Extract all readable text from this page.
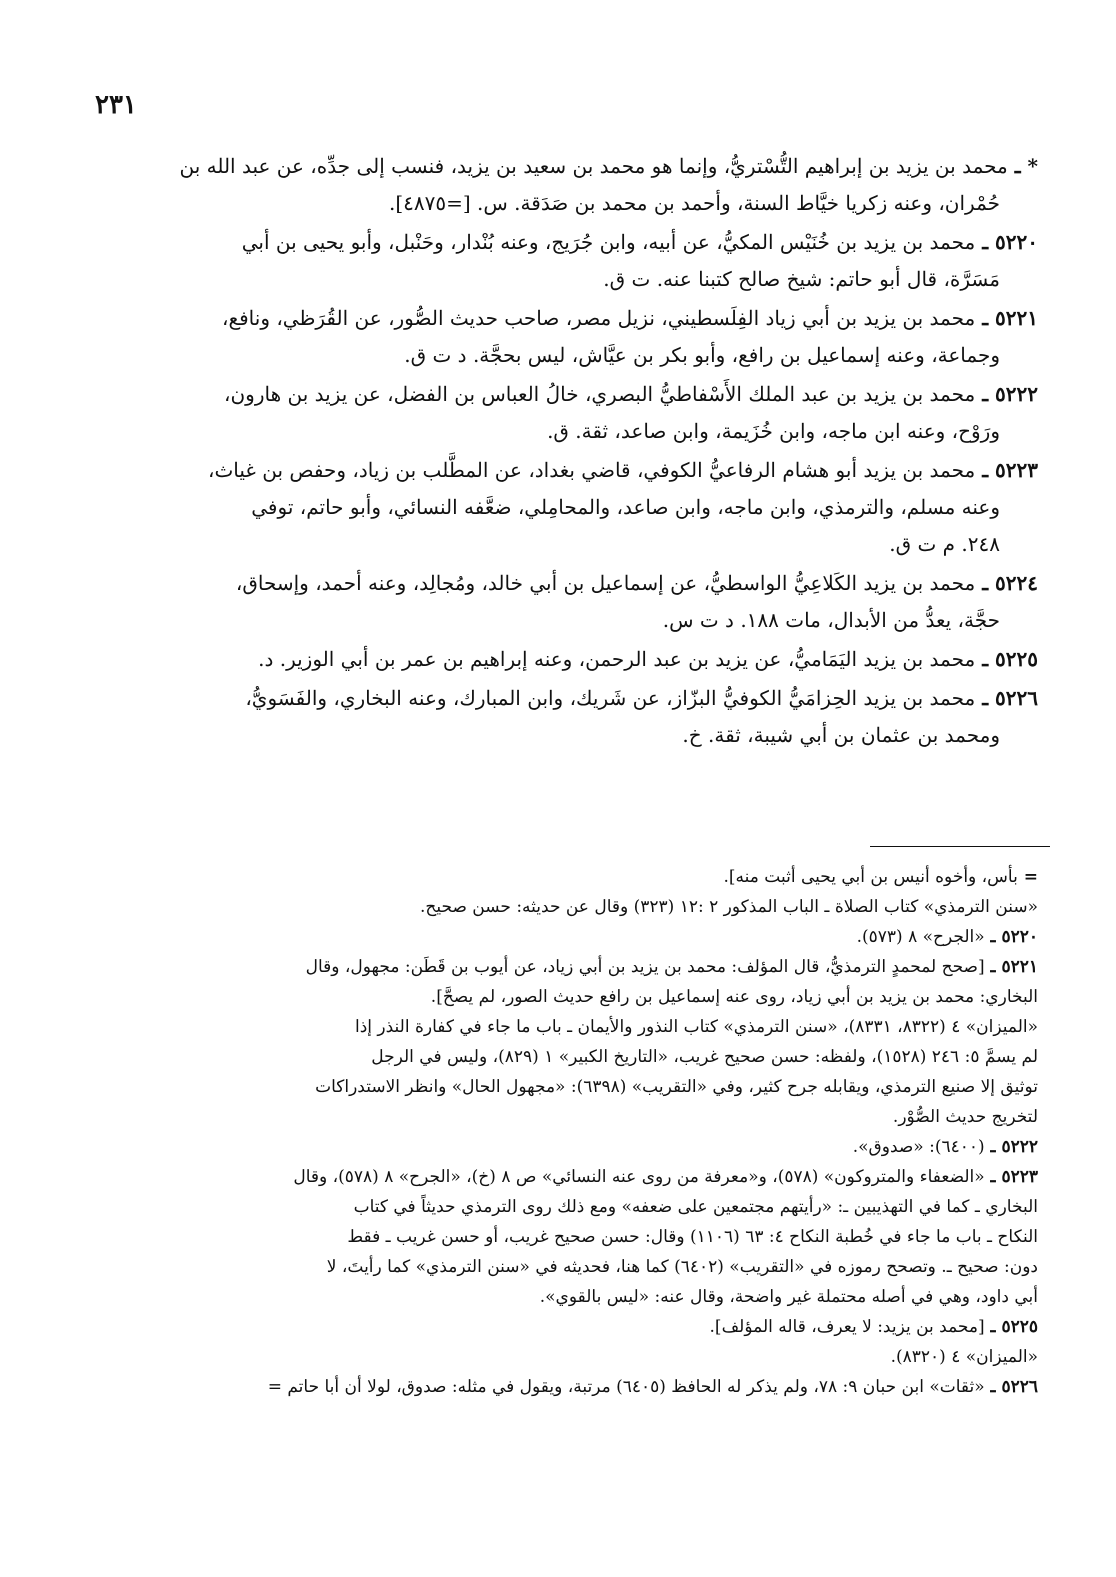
٢٣١
* ـ محمد بن يزيد بن إبراهيم التُّسْتريُّ، وإنما هو محمد بن سعيد بن يزيد، فنسب إلى جدِّه، عن عبد الله بن
حُمْران، وعنه زكريا خيَّاط السنة، وأحمد بن محمد بن صَدَقة. س. [=٤٨٧٥].
٥٢٢٠ ـ محمد بن يزيد بن خُنَيْس المكيُّ، عن أبيه، وابن جُرَيج، وعنه بُنْدار، وحَنْبل، وأبو يحيى بن أبي
مَسَرَّة، قال أبو حاتم: شيخ صالح كتبنا عنه. ت ق.
٥٢٢١ ـ محمد بن يزيد بن أبي زياد الفِلَسطيني، نزيل مصر، صاحب حديث الصُّور، عن القُرَظي، ونافع،
وجماعة، وعنه إسماعيل بن رافع، وأبو بكر بن عيَّاش، ليس بحجَّة. د ت ق.
٥٢٢٢ ـ محمد بن يزيد بن عبد الملك الأَسْفاطيُّ البصري، خالُ العباس بن الفضل، عن يزيد بن هارون،
ورَوْح، وعنه ابن ماجه، وابن خُزَيمة، وابن صاعد، ثقة. ق.
٥٢٢٣ ـ محمد بن يزيد أبو هشام الرفاعيُّ الكوفي، قاضي بغداد، عن المطَّلب بن زياد، وحفص بن غياث،
وعنه مسلم، والترمذي، وابن ماجه، وابن صاعد، والمحامِلي، ضعَّفه النسائي، وأبو حاتم، توفي
٢٤٨. م ت ق.
٥٢٢٤ ـ محمد بن يزيد الكَلاعِيُّ الواسطيُّ، عن إسماعيل بن أبي خالد، ومُجالِد، وعنه أحمد، وإسحاق،
حجَّة، يعدُّ من الأبدال، مات ١٨٨. د ت س.
٥٢٢٥ ـ محمد بن يزيد اليَمَاميُّ، عن يزيد بن عبد الرحمن، وعنه إبراهيم بن عمر بن أبي الوزير. د.
٥٢٢٦ ـ محمد بن يزيد الحِزامَيُّ الكوفيُّ البزّاز، عن شَريك، وابن المبارك، وعنه البخاري، والفَسَويُّ،
ومحمد بن عثمان بن أبي شيبة، ثقة. خ.
= بأس، وأخوه أنيس بن أبي يحيى أثبت منه].
«سنن الترمذي» كتاب الصلاة ـ الباب المذكور ٢ :١٢ (٣٢٣) وقال عن حديثه: حسن صحيح.
٥٢٢٠ ـ «الجرح» ٨ (٥٧٣).
٥٢٢١ ـ [صحح لمحمدٍ الترمذيُّ، قال المؤلف: محمد بن يزيد بن أبي زياد، عن أيوب بن قَطَن: مجهول، وقال
البخاري: محمد بن يزيد بن أبي زياد، روى عنه إسماعيل بن رافع حديث الصور، لم يصحَّ].
«الميزان» ٤ (٨٣٢٢، ٨٣٣١)، «سنن الترمذي» كتاب النذور والأيمان ـ باب ما جاء في كفارة النذر إذا
لم يسمَّ ٥: ٢٤٦ (١٥٢٨)، ولفظه: حسن صحيح غريب، «التاريخ الكبير» ١ (٨٢٩)، وليس في الرجل
توثيق إلا صنيع الترمذي، ويقابله جرح كثير، وفي «التقريب» (٦٣٩٨): «مجهول الحال» وانظر الاستدراكات
لتخريج حديث الصُّوْر.
٥٢٢٢ ـ (٦٤٠٠): «صدوق».
٥٢٢٣ ـ «الضعفاء والمتروكون» (٥٧٨)، و«معرفة من روى عنه النسائي» ص ٨ (خ)، «الجرح» ٨ (٥٧٨)، وقال
البخاري ـ كما في التهذيبين ـ: «رأيتهم مجتمعين على ضعفه» ومع ذلك روى الترمذي حديثاً في كتاب
النكاح ـ باب ما جاء في خُطبة النكاح ٤: ٦٣ (١١٠٦) وقال: حسن صحيح غريب، أو حسن غريب ـ فقط
دون: صحيح ـ. وتصحح رموزه في «التقريب» (٦٤٠٢) كما هنا، فحديثه في «سنن الترمذي» كما رأيتَ، لا
أبي داود، وهي في أصله محتملة غير واضحة، وقال عنه: «ليس بالقوي».
٥٢٢٥ ـ [محمد بن يزيد: لا يعرف، قاله المؤلف].
«الميزان» ٤ (٨٣٢٠).
٥٢٢٦ ـ «ثقات» ابن حبان ٩: ٧٨، ولم يذكر له الحافظ (٦٤٠٥) مرتبة، ويقول في مثله: صدوق، لولا أن أبا حاتم =
